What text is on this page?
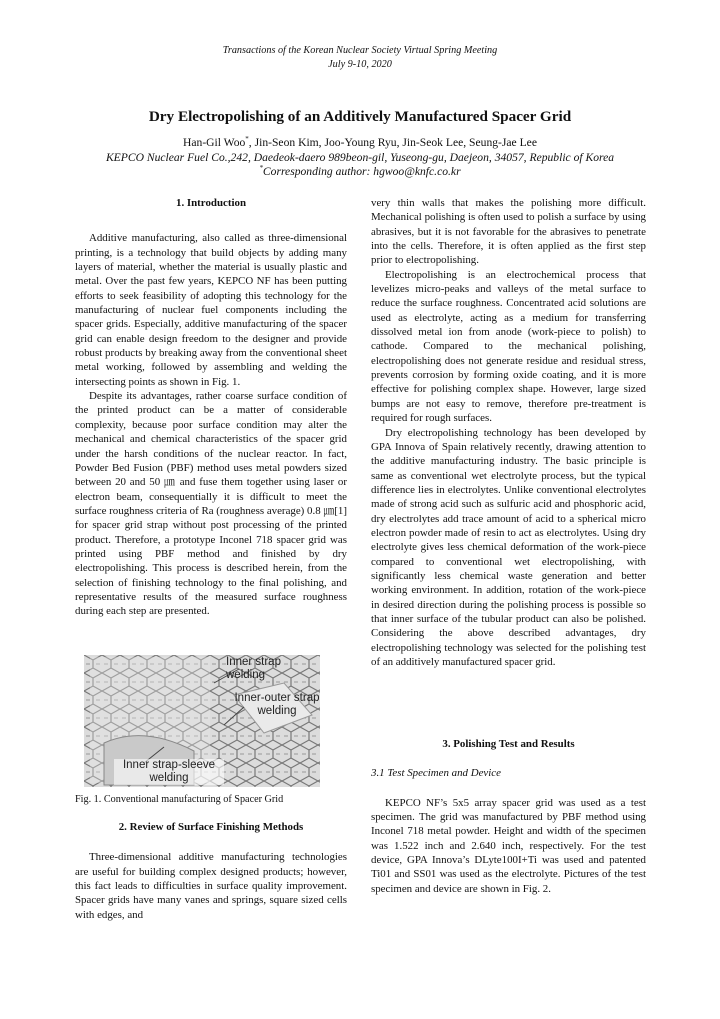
Transactions of the Korean Nuclear Society Virtual Spring Meeting
July 9-10, 2020
Dry Electropolishing of an Additively Manufactured Spacer Grid
Han-Gil Woo*, Jin-Seon Kim, Joo-Young Ryu, Jin-Seok Lee, Seung-Jae Lee
KEPCO Nuclear Fuel Co.,242, Daedeok-daero 989beon-gil, Yuseong-gu, Daejeon, 34057, Republic of Korea
*Corresponding author: hgwoo@knfc.co.kr
1. Introduction

Additive manufacturing, also called as three-dimensional printing, is a technology that build objects by adding many layers of material, whether the material is usually plastic and metal. Over the past few years, KEPCO NF has been putting efforts to seek feasibility of adopting this technology for the manufacturing of nuclear fuel components including the spacer grids. Especially, additive manufacturing of the spacer grid can enable design freedom to the designer and provide robust products by breaking away from the conventional sheet metal working, followed by assembling and welding the intersecting points as shown in Fig. 1.

Despite its advantages, rather coarse surface condition of the printed product can be a matter of considerable complexity, because poor surface condition may alter the mechanical and chemical characteristics of the spacer grid under the harsh conditions of the nuclear reactor. In fact, Powder Bed Fusion (PBF) method uses metal powders sized between 20 and 50 ㎛ and fuse them together using laser or electron beam, consequentially it is difficult to meet the surface roughness criteria of Ra (roughness average) 0.8 ㎛[1] for spacer grid strap without post processing of the printed product. Therefore, a prototype Inconel 718 spacer grid was printed using PBF method and finished by dry electropolishing. This process is described herein, from the selection of finishing technology to the final polishing, and representative results of the measured surface roughness during each step are presented.

Inner strap welding
Inner-outer strap welding
Inner strap-sleeve welding
Fig. 1. Conventional manufacturing of Spacer Grid
2. Review of Surface Finishing Methods

Three-dimensional additive manufacturing technologies are useful for building complex designed products; however, this fact leads to difficulties in surface quality improvement. Spacer grids have many vanes and springs, square sized cells with edges, and

very thin walls that makes the polishing more difficult. Mechanical polishing is often used to polish a surface by using abrasives, but it is not favorable for the abrasives to penetrate into the cells. Therefore, it is often applied as the first step prior to electropolishing.

Electropolishing is an electrochemical process that levelizes micro-peaks and valleys of the metal surface to reduce the surface roughness. Concentrated acid solutions are used as electrolyte, acting as a medium for transferring dissolved metal ion from anode (work-piece to polish) to cathode. Compared to the mechanical polishing, electropolishing does not generate residue and residual stress, prevents corrosion by forming oxide coating, and it is more effective for polishing complex shape. However, large sized bumps are not easy to remove, therefore pre-treatment is required for rough surfaces.

Dry electropolishing technology has been developed by GPA Innova of Spain relatively recently, drawing attention to the additive manufacturing industry. The basic principle is same as conventional wet electrolyte process, but the typical difference lies in electrolytes. Unlike conventional electrolytes made of strong acid such as sulfuric acid and phosphoric acid, dry electrolytes add trace amount of acid to a spherical micro electron powder made of resin to act as electrolytes. Using dry electrolyte gives less chemical deformation of the work-piece compared to conventional wet electropolishing, with significantly less chemical waste generation and better working environment. In addition, rotation of the work-piece in desired direction during the polishing process is possible so that inner surface of the tubular product can also be polished. Considering the above described advantages, dry electropolishing technology was selected for the polishing test of an additively manufactured spacer grid.

3. Polishing Test and Results
3.1 Test Specimen and Device

KEPCO NF’s 5x5 array spacer grid was used as a test specimen. The grid was manufactured by PBF method using Inconel 718 metal powder. Height and width of the specimen was 1.522 inch and 2.640 inch, respectively. For the test device, GPA Innova’s DLyte100I+Ti was used and patented Ti01 and SS01 was used as the electrolyte. Pictures of the test specimen and device are shown in Fig. 2.
